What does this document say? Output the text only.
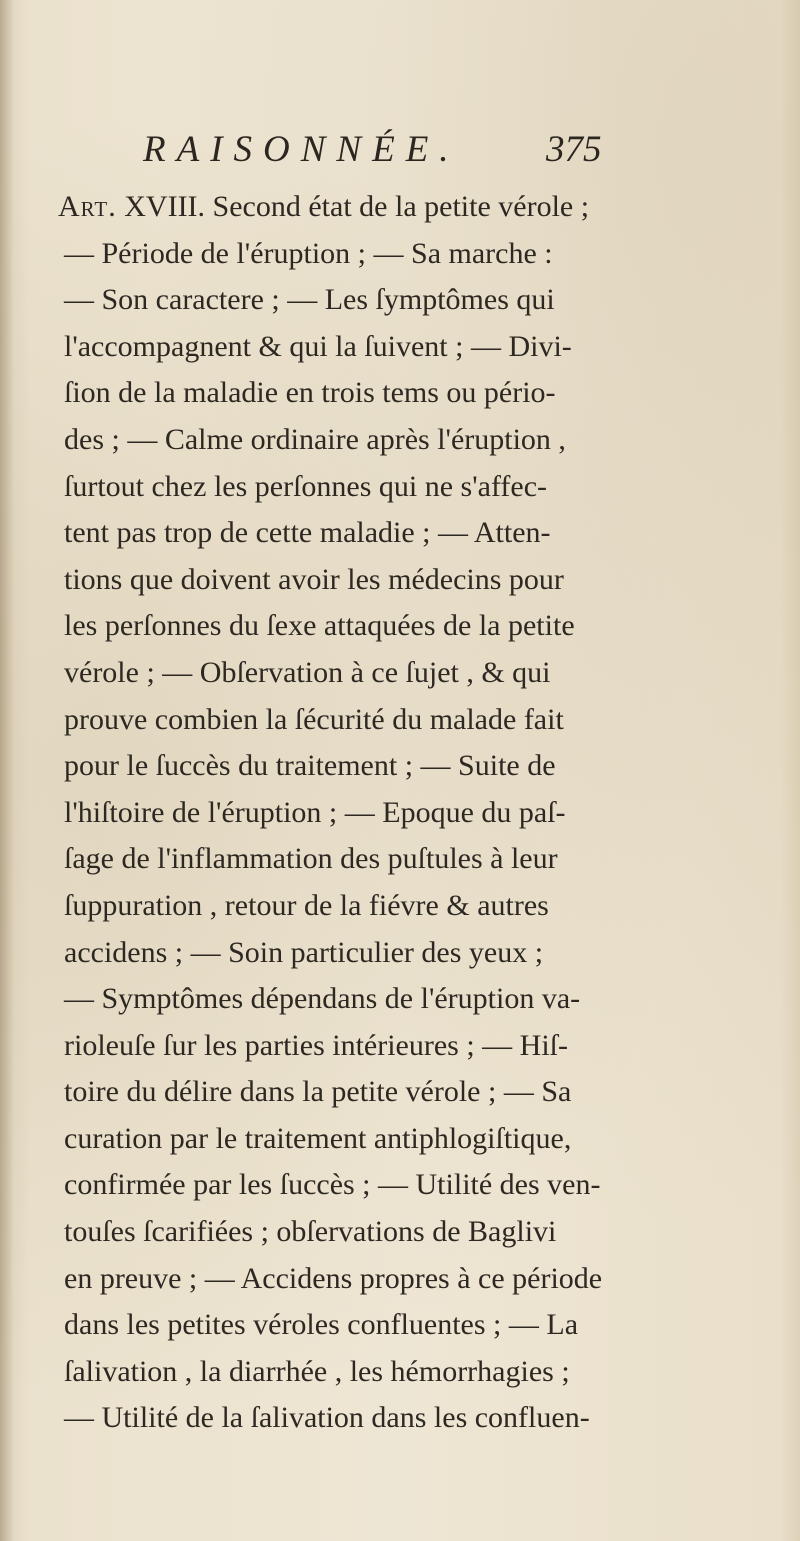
RAISONNÉE. 375
Art. XVIII. Second état de la petite vérole ;
— Période de l'éruption ; — Sa marche :
— Son caractere ; — Les ſymptômes qui
l'accompagnent & qui la ſuivent ; — Divi-
ſion de la maladie en trois tems ou pério-
des ; — Calme ordinaire après l'éruption ,
ſurtout chez les perſonnes qui ne s'affec-
tent pas trop de cette maladie ; — Atten-
tions que doivent avoir les médecins pour
les perſonnes du ſexe attaquées de la petite
vérole ; — Obſervation à ce ſujet , & qui
prouve combien la ſécurité du malade fait
pour le ſuccès du traitement ; — Suite de
l'hiſtoire de l'éruption ; — Epoque du paſ-
ſage de l'inflammation des puſtules à leur
ſuppuration , retour de la fiévre & autres
accidens ; — Soin particulier des yeux ;
— Symptômes dépendans de l'éruption va-
rioleuſe ſur les parties intérieures ; — Hiſ-
toire du délire dans la petite vérole ; — Sa
curation par le traitement antiphlogiſtique,
confirmée par les ſuccès ; — Utilité des ven-
touſes ſcarifiées ; obſervations de Baglivi
en preuve ; — Accidens propres à ce période
dans les petites véroles confluentes ; — La
ſalivation , la diarrhée , les hémorrhagies ;
— Utilité de la ſalivation dans les confluen-
